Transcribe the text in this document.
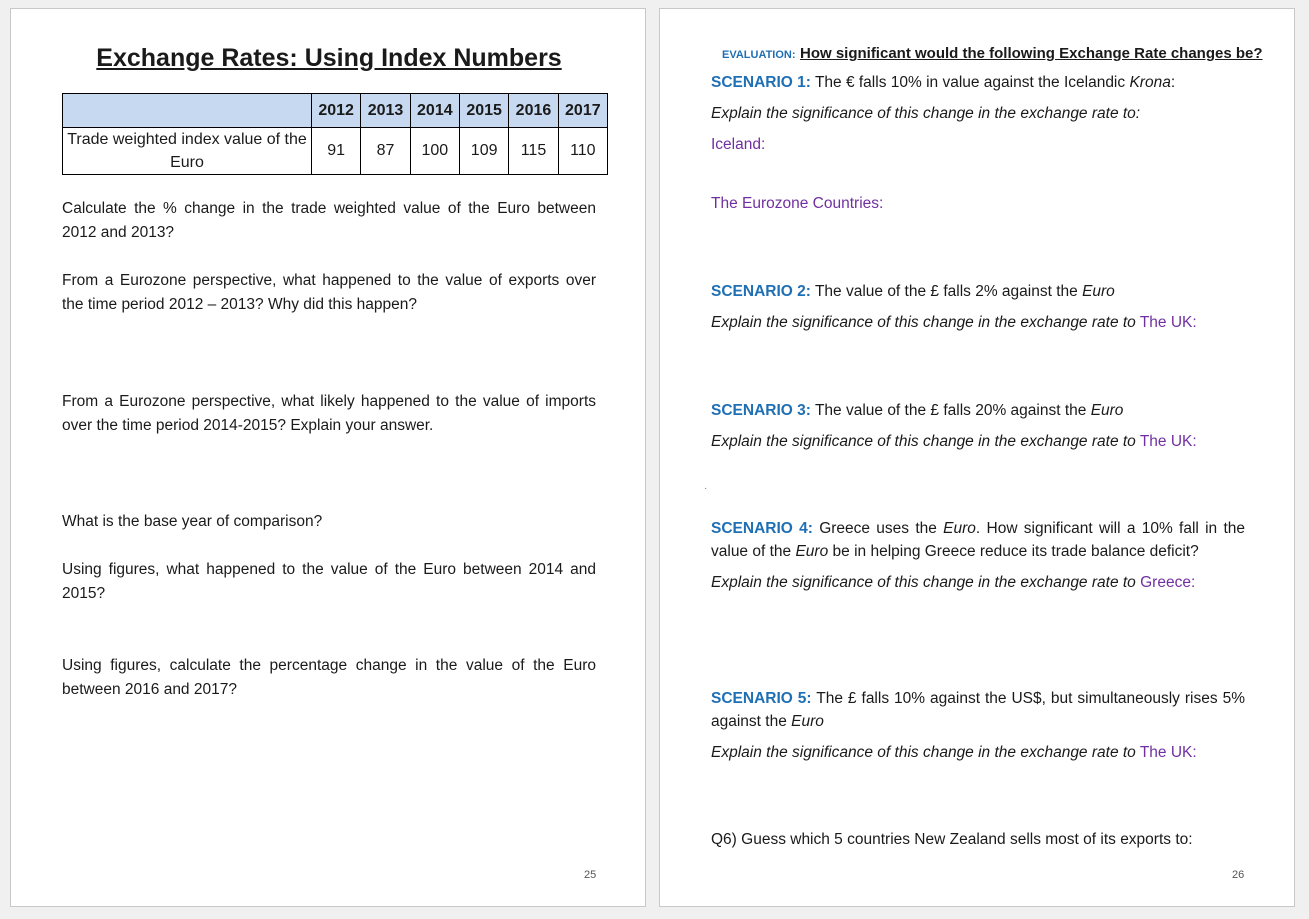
Exchange Rates: Using Index Numbers
	2012	2013	2014	2015	2016	2017
Trade weighted index value of the Euro	91	87	100	109	115	110
Calculate the % change in the trade weighted value of the Euro between 2012 and 2013?
From a Eurozone perspective, what happened to the value of exports over the time period 2012 – 2013? Why did this happen?
From a Eurozone perspective, what likely happened to the value of imports over the time period 2014-2015? Explain your answer.
What is the base year of comparison?
Using figures, what happened to the value of the Euro between 2014 and 2015?
Using figures, calculate the percentage change in the value of the Euro between 2016 and 2017?
25
EVALUATION: How significant would the following Exchange Rate changes be?
SCENARIO 1: The € falls 10% in value against the Icelandic Krona:
Explain the significance of this change in the exchange rate to:
Iceland:
The Eurozone Countries:
SCENARIO 2: The value of the £ falls 2% against the Euro
Explain the significance of this change in the exchange rate to The UK:
SCENARIO 3: The value of the £ falls 20% against the Euro
Explain the significance of this change in the exchange rate to The UK:
·
SCENARIO 4: Greece uses the Euro. How significant will a 10% fall in the value of the Euro be in helping Greece reduce its trade balance deficit?
Explain the significance of this change in the exchange rate to Greece:
SCENARIO 5: The £ falls 10% against the US$, but simultaneously rises 5% against the Euro
Explain the significance of this change in the exchange rate to The UK:
Q6) Guess which 5 countries New Zealand sells most of its exports to:
26
